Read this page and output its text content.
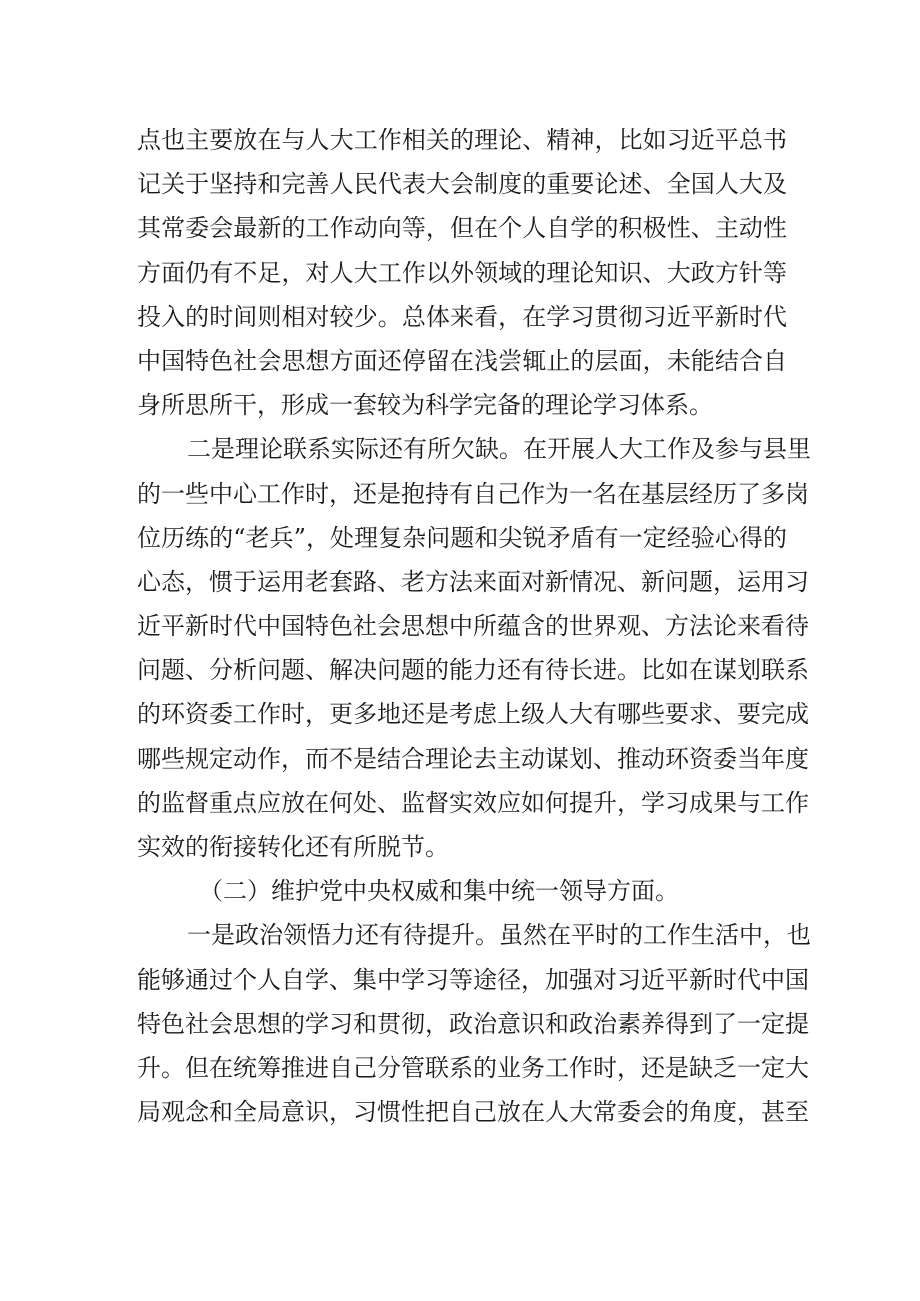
点也主要放在与人大工作相关的理论、精神，比如习近平总书
记关于坚持和完善人民代表大会制度的重要论述、全国人大及
其常委会最新的工作动向等，但在个人自学的积极性、主动性
方面仍有不足，对人大工作以外领域的理论知识、大政方针等
投入的时间则相对较少。总体来看，在学习贯彻习近平新时代
中国特色社会思想方面还停留在浅尝辄止的层面，未能结合自
身所思所干，形成一套较为科学完备的理论学习体系。
二是理论联系实际还有所欠缺。在开展人大工作及参与县里
的一些中心工作时，还是抱持有自己作为一名在基层经历了多岗
位历练的“老兵”，处理复杂问题和尖锐矛盾有一定经验心得的
心态，惯于运用老套路、老方法来面对新情况、新问题，运用习
近平新时代中国特色社会思想中所蕴含的世界观、方法论来看待
问题、分析问题、解决问题的能力还有待长进。比如在谋划联系
的环资委工作时，更多地还是考虑上级人大有哪些要求、要完成
哪些规定动作，而不是结合理论去主动谋划、推动环资委当年度
的监督重点应放在何处、监督实效应如何提升，学习成果与工作
实效的衔接转化还有所脱节。
（二）维护党中央权威和集中统一领导方面。
一是政治领悟力还有待提升。虽然在平时的工作生活中，也
能够通过个人自学、集中学习等途径，加强对习近平新时代中国
特色社会思想的学习和贯彻，政治意识和政治素养得到了一定提
升。但在统筹推进自己分管联系的业务工作时，还是缺乏一定大
局观念和全局意识，习惯性把自己放在人大常委会的角度，甚至
